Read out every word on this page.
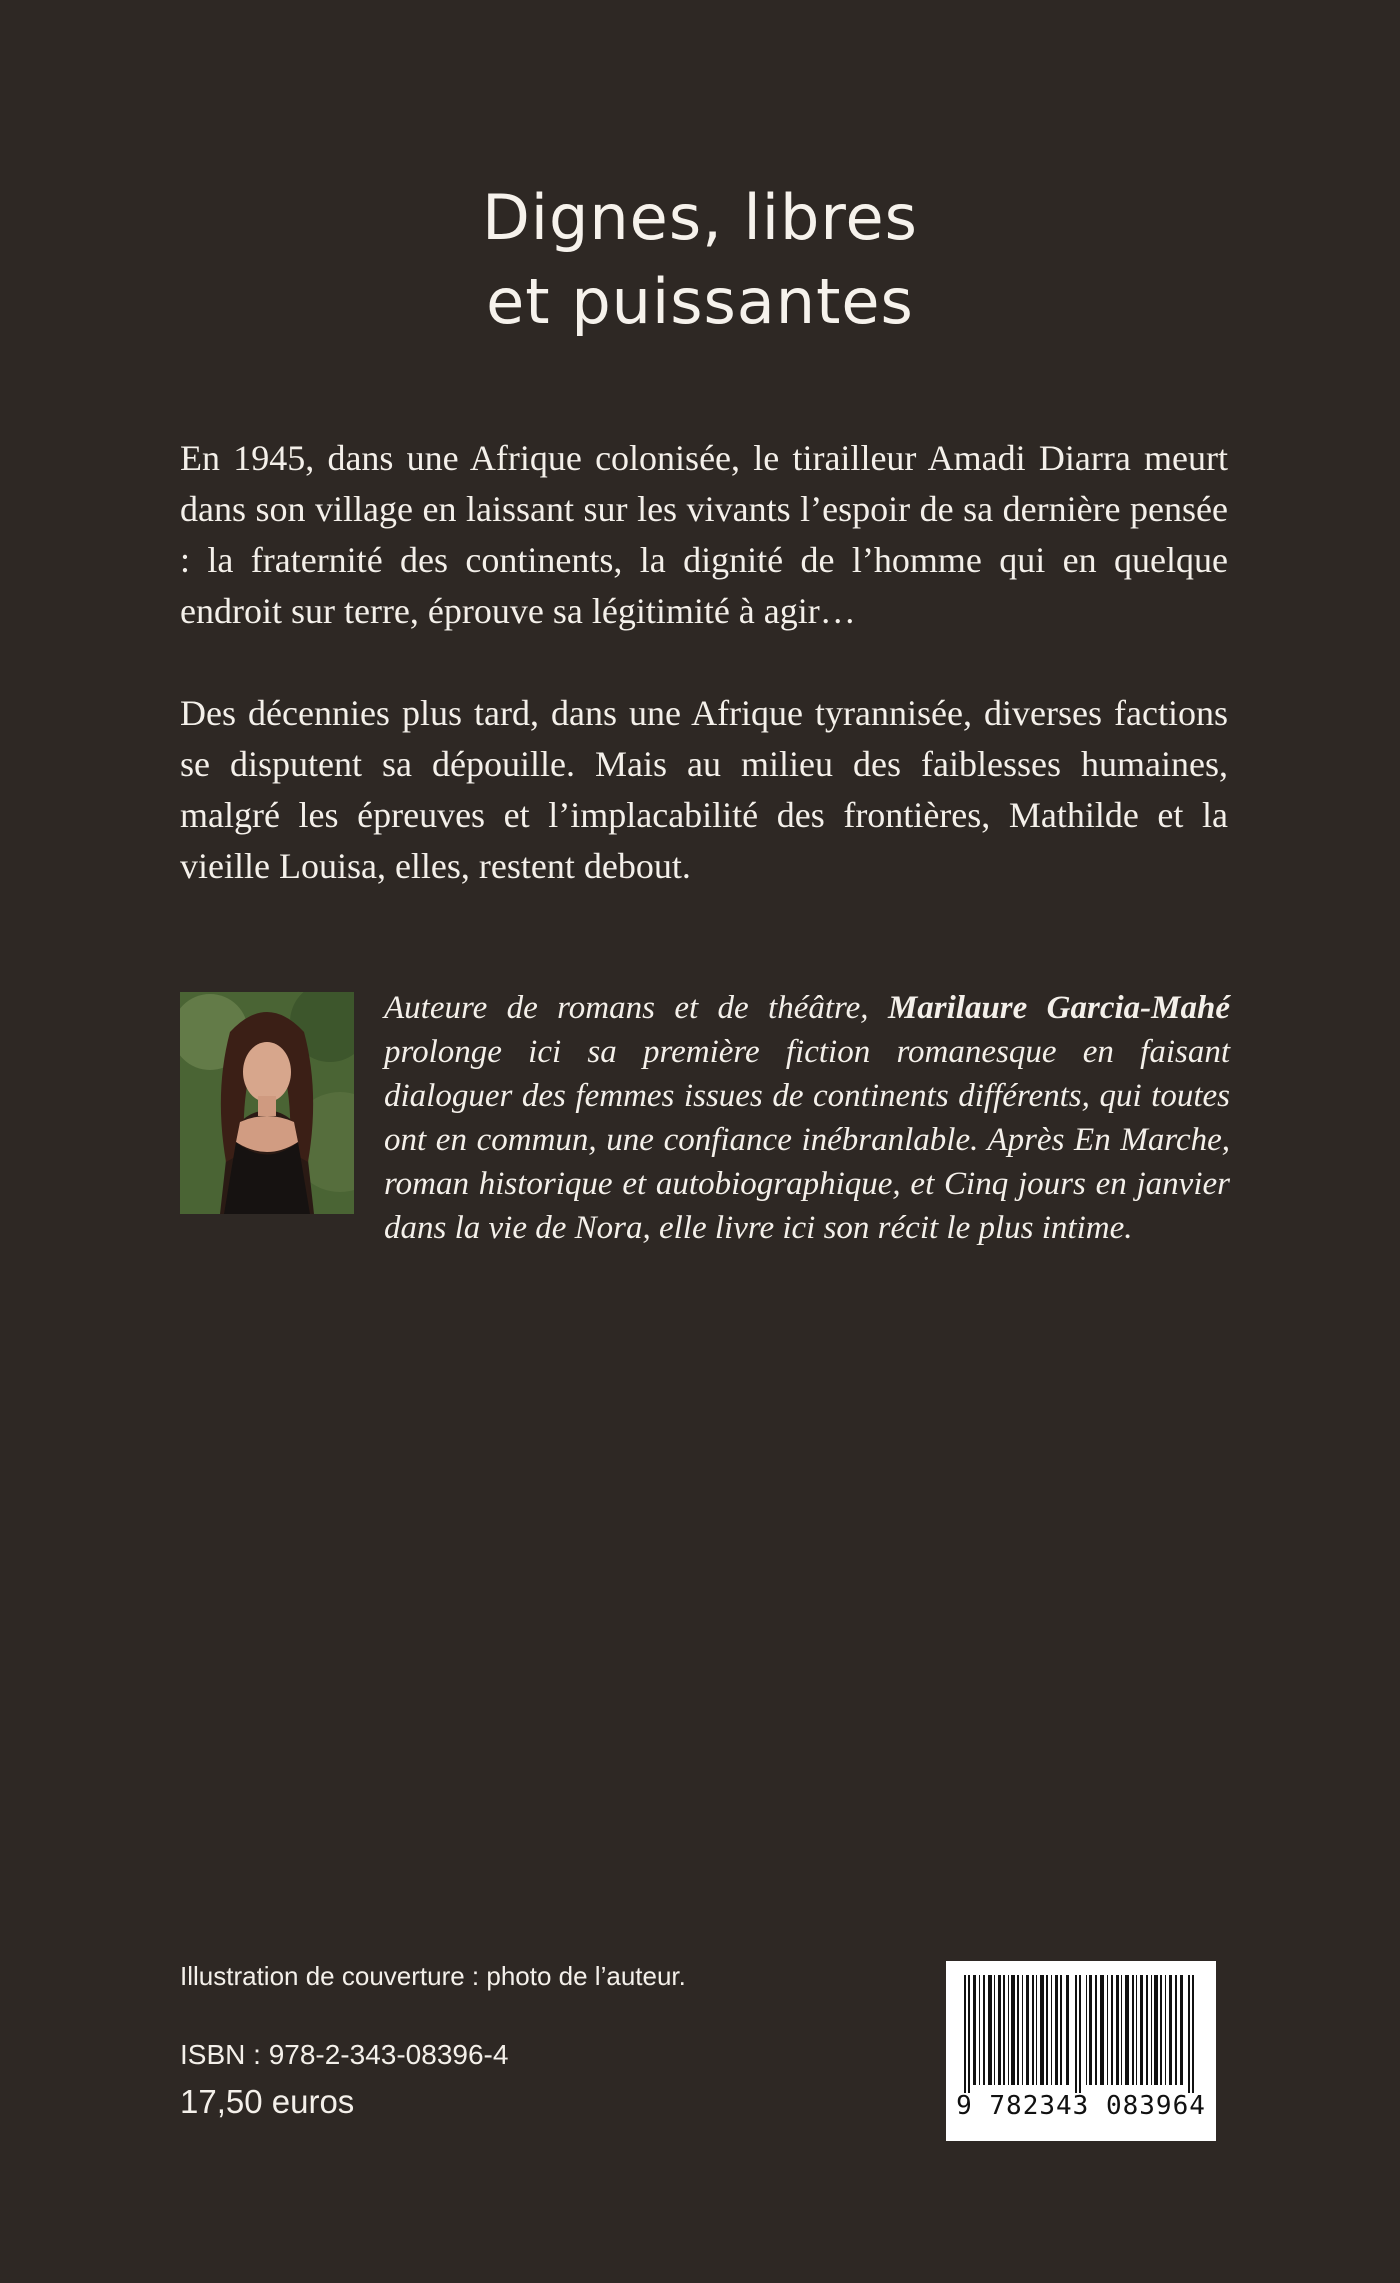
Dignes, libres
et puissantes

En 1945, dans une Afrique colonisée, le tirailleur Amadi Diarra meurt dans son village en laissant sur les vivants l’espoir de sa dernière pensée : la fraternité des continents, la dignité de l’homme qui en quelque endroit sur terre, éprouve sa légitimité à agir…

Des décennies plus tard, dans une Afrique tyrannisée, diverses factions se disputent sa dépouille. Mais au milieu des faiblesses humaines, malgré les épreuves et l’implacabilité des frontières, Mathilde et la vieille Louisa, elles, restent debout.

Auteure de romans et de théâtre, Marilaure Garcia-Mahé prolonge ici sa première fiction romanesque en faisant dialoguer des femmes issues de continents différents, qui toutes ont en commun, une confiance inébranlable. Après En Marche, roman historique et autobiographique, et Cinq jours en janvier dans la vie de Nora, elle livre ici son récit le plus intime.

Illustration de couverture : photo de l’auteur.
ISBN : 978-2-343-08396-4
17,50 euros	9 782343 083964
